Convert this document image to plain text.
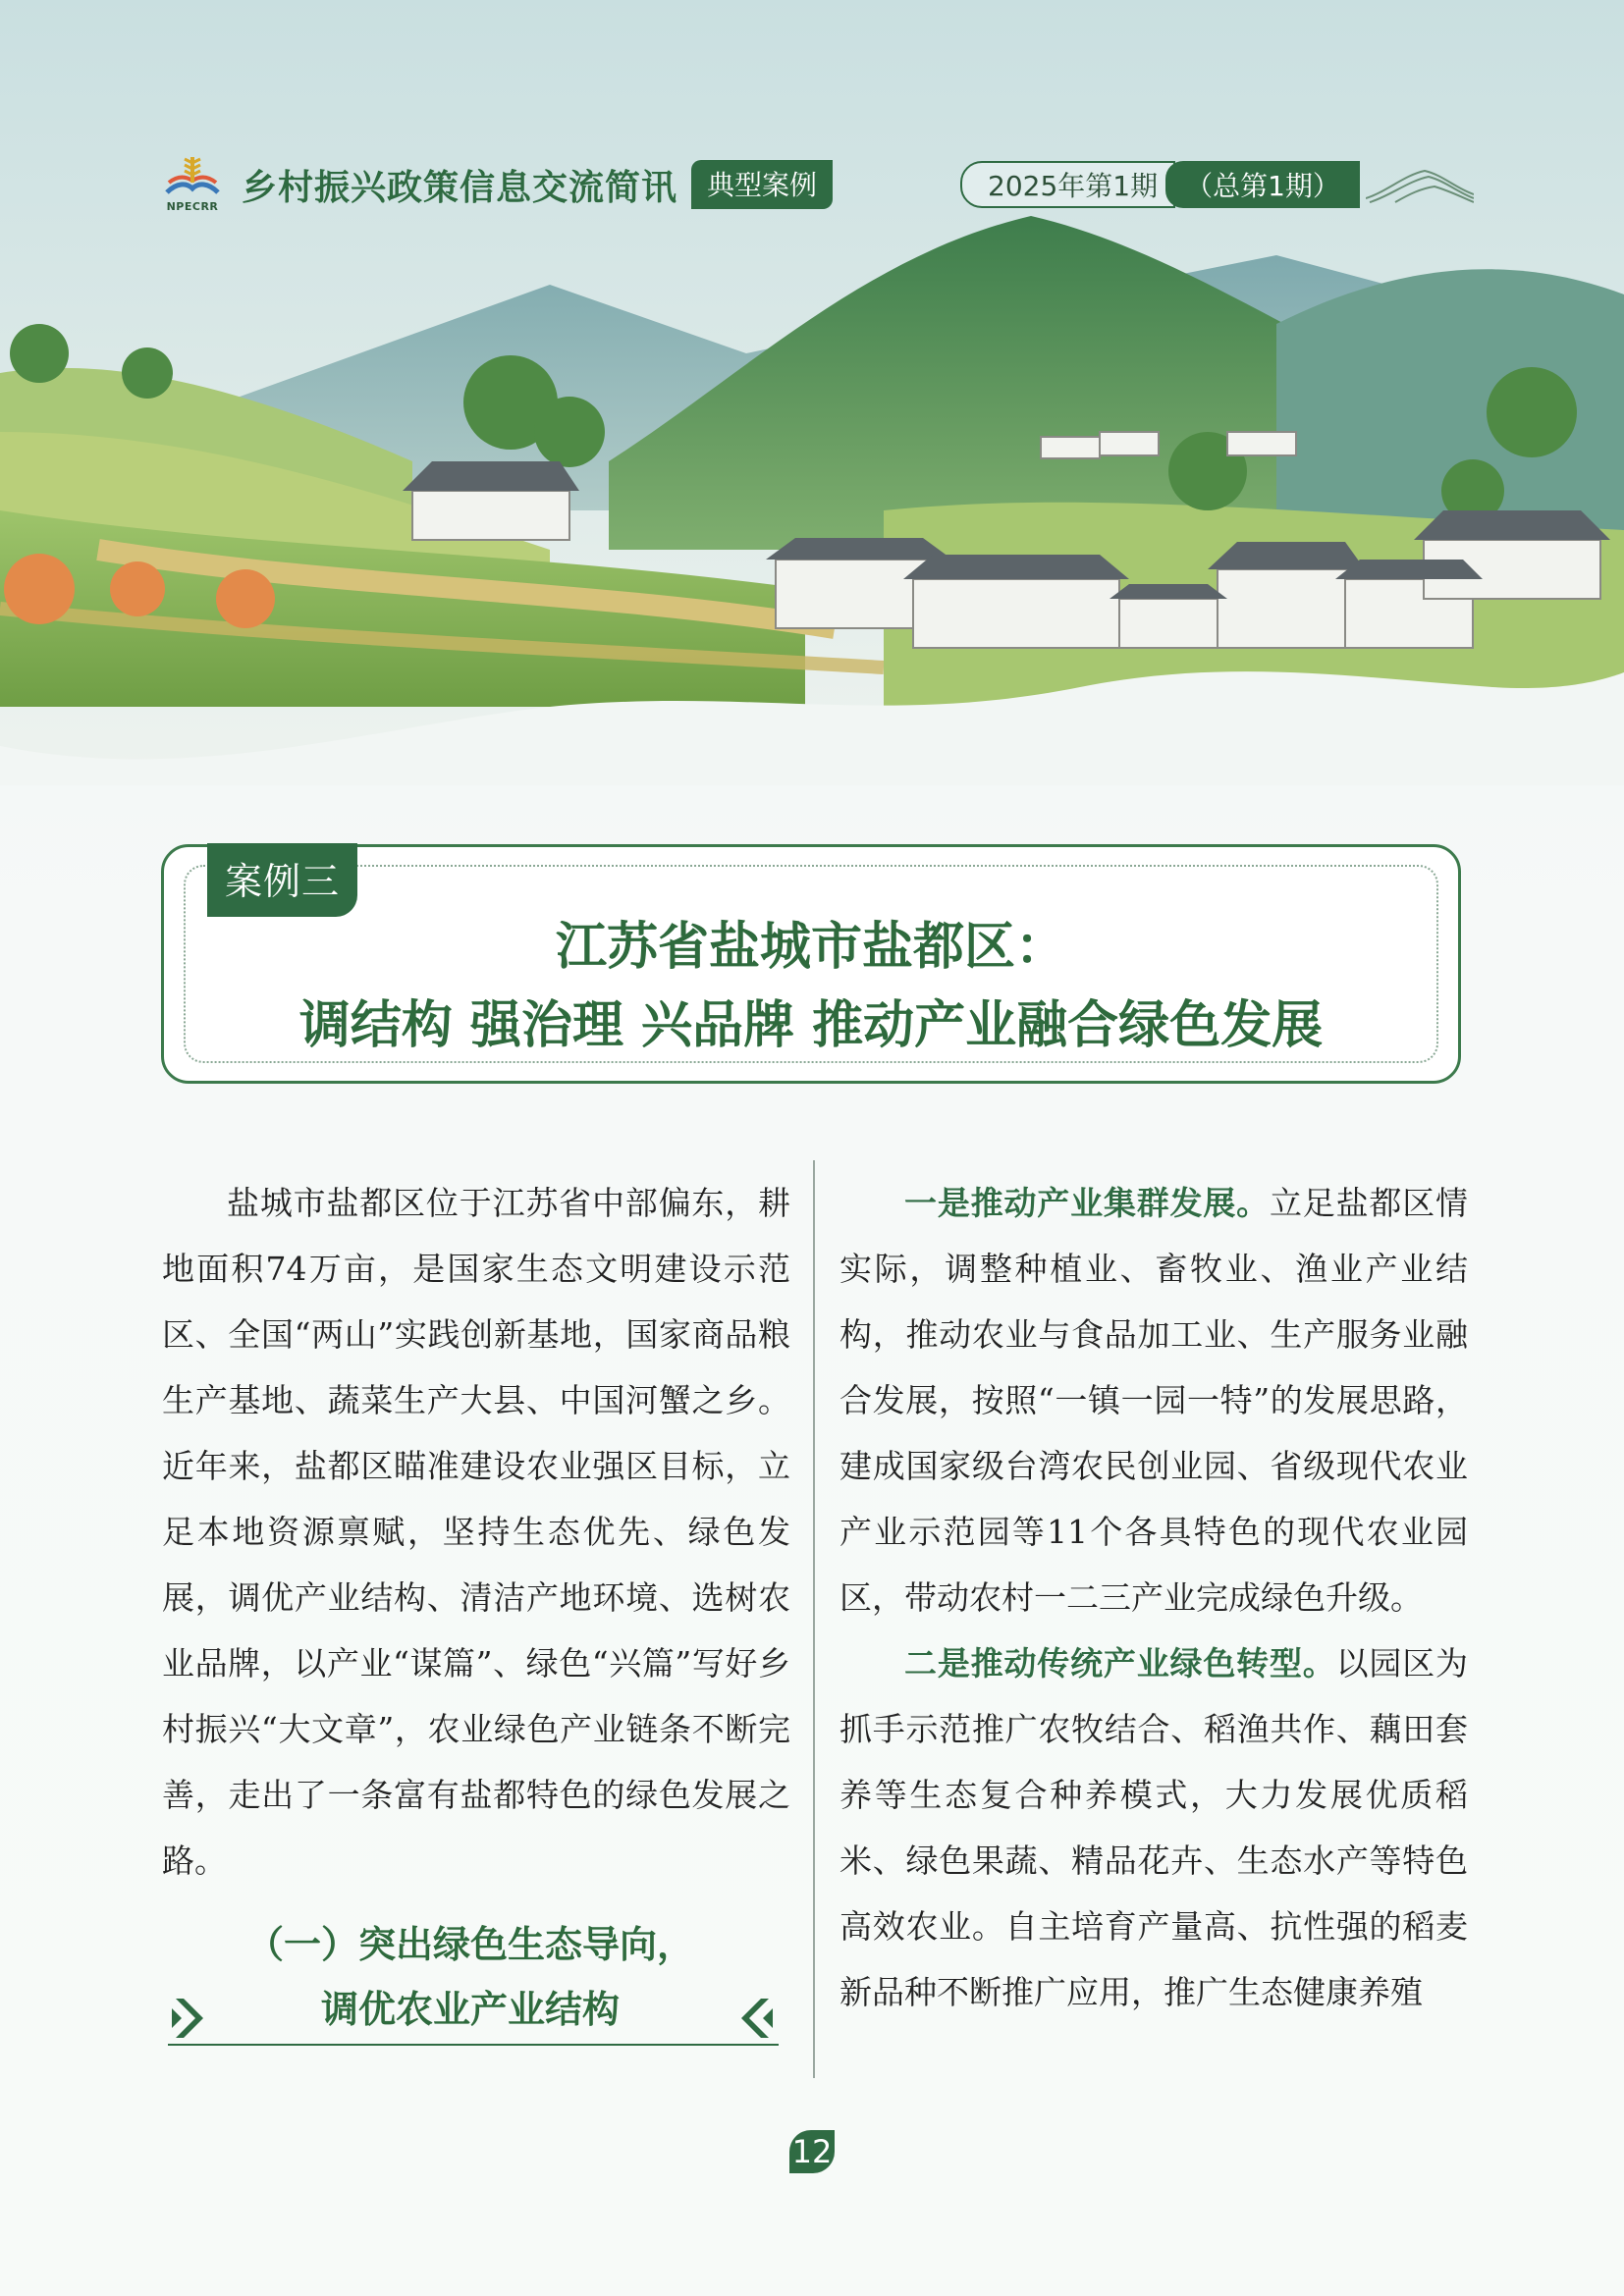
NPECRR 乡村振兴政策信息交流简讯	典型案例	2025年第1期	（总第1期）
案例三
江苏省盐城市盐都区：
调结构 强治理 兴品牌 推动产业融合绿色发展

盐城市盐都区位于江苏省中部偏东，耕地面积74万亩，是国家生态文明建设示范区、全国“两山”实践创新基地，国家商品粮生产基地、蔬菜生产大县、中国河蟹之乡。近年来，盐都区瞄准建设农业强区目标，立足本地资源禀赋，坚持生态优先、绿色发展，调优产业结构、清洁产地环境、选树农业品牌，以产业“谋篇”、绿色“兴篇”写好乡村振兴“大文章”，农业绿色产业链条不断完善，走出了一条富有盐都特色的绿色发展之路。

（一）突出绿色生态导向，
调优农业产业结构

一是推动产业集群发展。立足盐都区情实际，调整种植业、畜牧业、渔业产业结构，推动农业与食品加工业、生产服务业融合发展，按照“一镇一园一特”的发展思路，建成国家级台湾农民创业园、省级现代农业产业示范园等11个各具特色的现代农业园区，带动农村一二三产业完成绿色升级。

二是推动传统产业绿色转型。以园区为抓手示范推广农牧结合、稻渔共作、藕田套养等生态复合种养模式，大力发展优质稻米、绿色果蔬、精品花卉、生态水产等特色高效农业。自主培育产量高、抗性强的稻麦新品种不断推广应用，推广生态健康养殖

12
